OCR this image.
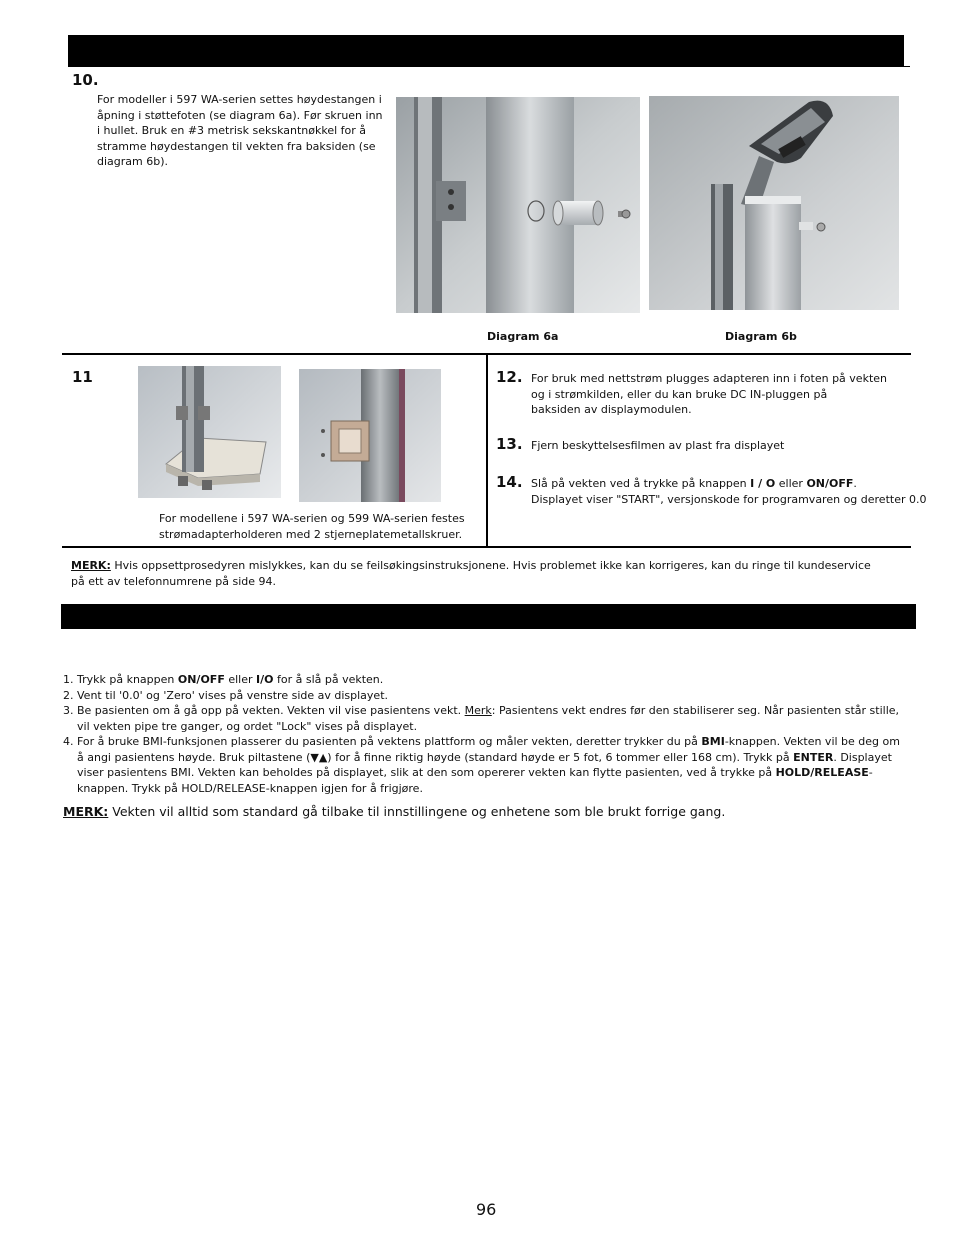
10.
For modeller i 597 WA-serien settes høydestangen i åpning i støttefoten (se diagram 6a). Før skruen inn i hullet. Bruk en #3 metrisk sekskantnøkkel for å stramme høydestangen til vekten fra baksiden (se diagram 6b).
Diagram 6a	Diagram 6b
11
For modellene i 597 WA-serien og 599 WA-serien festes
strømadapterholderen med 2 stjerneplatemetallskruer.
12. For bruk med nettstrøm plugges adapteren inn i foten på vekten
og i strømkilden, eller du kan bruke DC IN-pluggen på
baksiden av displaymodulen.
13. Fjern beskyttelsesfilmen av plast fra displayet
14. Slå på vekten ved å trykke på knappen I / O eller ON/OFF.
Displayet viser "START", versjonskode for programvaren og deretter 0.0
MERK: Hvis oppsettprosedyren mislykkes, kan du se feilsøkingsinstruksjonene. Hvis problemet ikke kan korrigeres, kan du ringe til kundeservice på ett av telefonnumrene på side 94.
1. Trykk på knappen ON/OFF eller I/O for å slå på vekten.
2. Vent til '0.0' og 'Zero' vises på venstre side av displayet.
3. Be pasienten om å gå opp på vekten. Vekten vil vise pasientens vekt. Merk: Pasientens vekt endres før den stabiliserer seg. Når pasienten står stille, vil vekten pipe tre ganger, og ordet "Lock" vises på displayet.
4. For å bruke BMI-funksjonen plasserer du pasienten på vektens plattform og måler vekten, deretter trykker du på BMI-knappen. Vekten vil be deg om å angi pasientens høyde. Bruk piltastene (▼▲) for å finne riktig høyde (standard høyde er 5 fot, 6 tommer eller 168 cm). Trykk på ENTER. Displayet viser pasientens BMI. Vekten kan beholdes på displayet, slik at den som opererer vekten kan flytte pasienten, ved å trykke på HOLD/RELEASE-knappen. Trykk på HOLD/RELEASE-knappen igjen for å frigjøre.
MERK: Vekten vil alltid som standard gå tilbake til innstillingene og enhetene som ble brukt forrige gang.
96
